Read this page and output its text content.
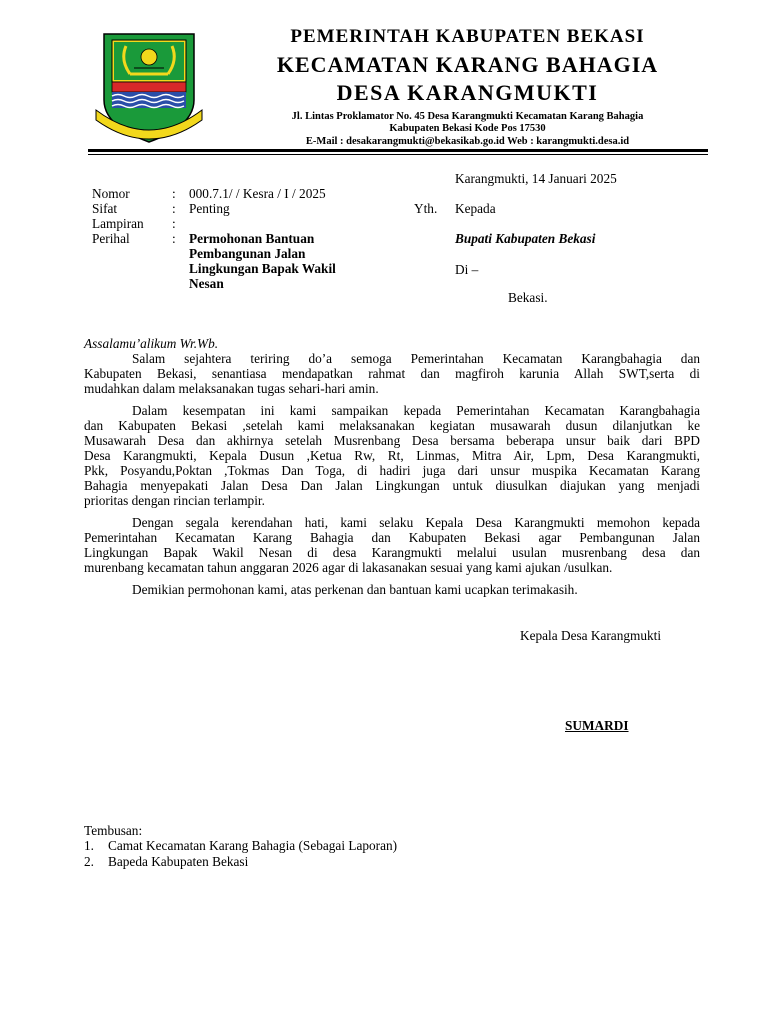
PEMERINTAH KABUPATEN BEKASI
KECAMATAN KARANG BAHAGIA
DESA KARANGMUKTI
Jl. Lintas Proklamator No. 45 Desa Karangmukti Kecamatan Karang Bahagia
Kabupaten Bekasi Kode Pos 17530
E-Mail : desakarangmukti@bekasikab.go.id Web : karangmukti.desa.id
Karangmukti, 14 Januari 2025
Nomor	: 000.7.1/ / Kesra / I / 2025
Sifat	: Penting
Lampiran :
Perihal	: Permohonan Bantuan
Pembangunan Jalan
Lingkungan Bapak Wakil
Nesan
Yth. Kepada
Bupati Kabupaten Bekasi
Di –
Bekasi.
Assalamu’alikum Wr.Wb.
Salam sejahtera teriring do’a semoga Pemerintahan Kecamatan Karangbahagia dan
Kabupaten Bekasi, senantiasa mendapatkan rahmat dan magfiroh karunia Allah SWT,serta di
mudahkan dalam melaksanakan tugas sehari-hari amin.
Dalam kesempatan ini kami sampaikan kepada Pemerintahan Kecamatan Karangbahagia
dan Kabupaten Bekasi ,setelah kami melaksanakan kegiatan musawarah dusun dilanjutkan ke
Musawarah Desa dan akhirnya setelah Musrenbang Desa bersama beberapa unsur baik dari BPD
Desa Karangmukti, Kepala Dusun ,Ketua Rw, Rt, Linmas, Mitra Air, Lpm, Desa Karangmukti,
Pkk, Posyandu,Poktan ,Tokmas Dan Toga, di hadiri juga dari unsur muspika Kecamatan Karang
Bahagia menyepakati Jalan Desa Dan Jalan Lingkungan untuk diusulkan diajukan yang menjadi
prioritas dengan rincian terlampir.
Dengan segala kerendahan hati, kami selaku Kepala Desa Karangmukti memohon kepada
Pemerintahan Kecamatan Karang Bahagia dan Kabupaten Bekasi agar Pembangunan Jalan
Lingkungan Bapak Wakil Nesan di desa Karangmukti melalui usulan musrenbang desa dan
murenbang kecamatan tahun anggaran 2026 agar di lakasanakan sesuai yang kami ajukan /usulkan.
Demikian permohonan kami, atas perkenan dan bantuan kami ucapkan terimakasih.
Kepala Desa Karangmukti
SUMARDI
Tembusan:
1. Camat Kecamatan Karang Bahagia (Sebagai Laporan)
2. Bapeda Kabupaten Bekasi
